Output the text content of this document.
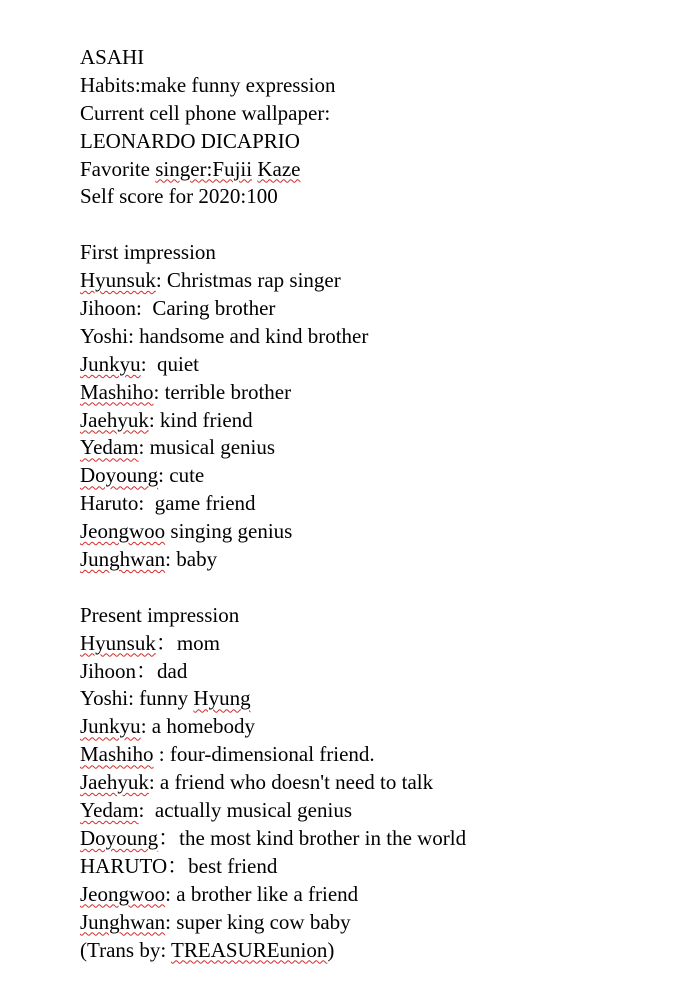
ASAHI
Habits:make funny expression
Current cell phone wallpaper:
LEONARDO DICAPRIO
Favorite singer:Fujii Kaze
Self score for 2020:100
First impression
Hyunsuk: Christmas rap singer
Jihoon:  Caring brother
Yoshi: handsome and kind brother
Junkyu:  quiet
Mashiho: terrible brother
Jaehyuk: kind friend
Yedam: musical genius
Doyoung: cute
Haruto:  game friend
Jeongwoo singing genius
Junghwan: baby
Present impression
Hyunsuk：mom
Jihoon：dad
Yoshi: funny Hyung
Junkyu: a homebody
Mashiho : four-dimensional friend.
Jaehyuk: a friend who doesn't need to talk
Yedam:  actually musical genius
Doyoung：the most kind brother in the world
HARUTO：best friend
Jeongwoo: a brother like a friend
Junghwan: super king cow baby
(Trans by: TREASUREunion)
